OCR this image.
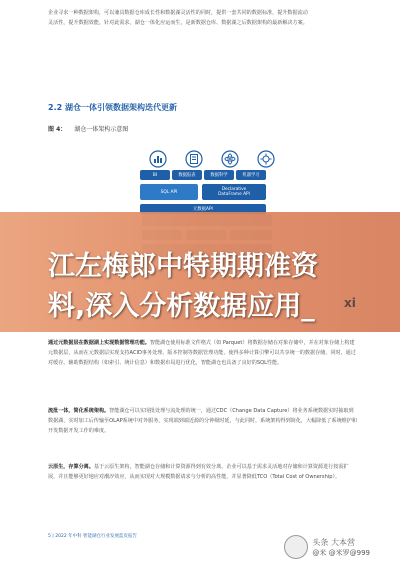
企业寻求一种数据架构，可以兼具数据仓库成长性和数据湖灵活性的同时，提供一套共同的数据标准，提升数据流动
灵活性，提升数据效能，针对此需求，湖仓一体化应运而生，是新数据仓库、数据湖之后数据架构的最新解决方案。
2.2 湖仓一体引领数据架构迭代更新
图 4： 湖仓一体架构示意图
BI	数据报表	数据科学	机器学习
SQL API	Declarative
DataFrame API
元数据API
江左梅郎中特期期准资
料,深入分析数据应用_	xi
通过元数据层在数据湖上实现数据管理功能。智能湖仓使用标准文件格式（如 Parquet）将数据存储在对象存储中，并在对象存储上构建元数据层，从而在元数据层实现支持ACID事务处理、版本控制等数据管理功能，使得多种计算引擎可以共享统一的数据存储，同时，通过对缓存、辅助数据结构（如索引、统计信息）和数据布局进行优化，智能湖仓也具备了良好的SQL性能。
流批一体，简化系统架构。智能湖仓可以实现批处理与流处理的统一，通过CDC（Change Data Capture）将业务系统数据实时抽取到数据湖，实时加工后传输至OLAP系统中对外服务，实现端到端近源的分钟级时延，与此同时，系统架构得到简化，大幅降低了系统维护和开发数据开发工作的难度。
云原生，存算分离。基于云原生架构，智能湖仓存储和计算资源得到有效分离，企业可以基于需求灵活地对存储和计算资源进行按需扩展，并且能够更好地应对潮汐效应，从而实现对大规模数据请求与分析的高性能，并显著降低TCO（Total Cost of Ownership）。
5 | 2022 年中科 智能湖仓行业发展蓝皮报告
头条 大本营
@米 @米罗@999
